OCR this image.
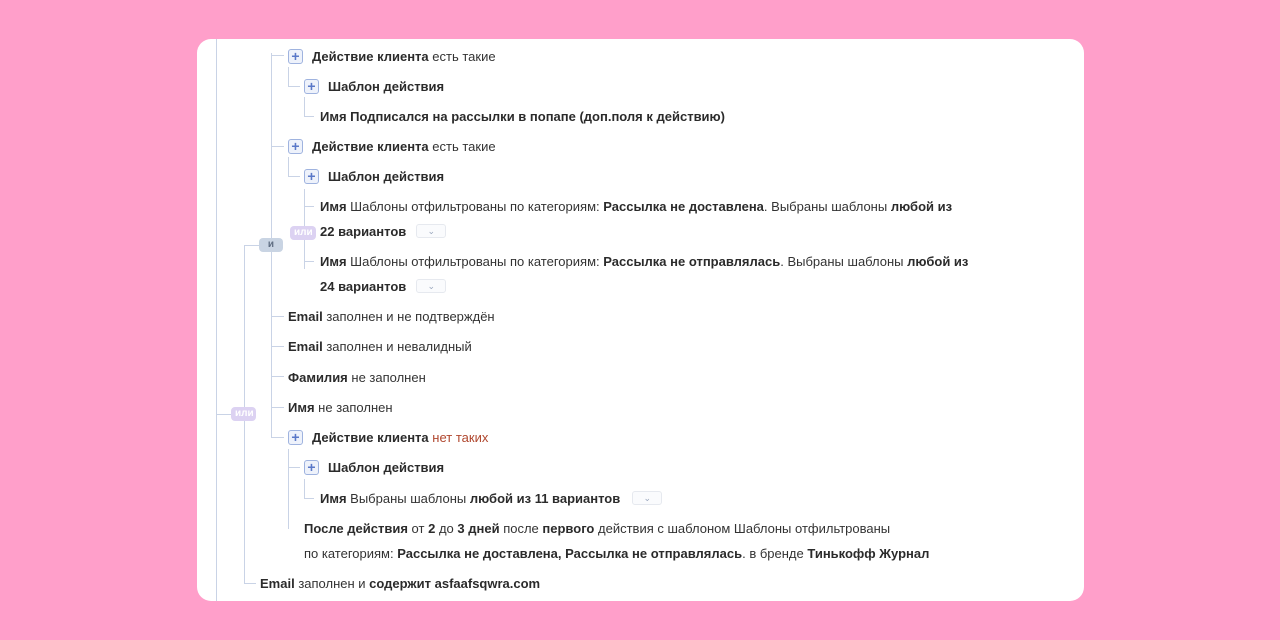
или
и
или
+ Действие клиента
есть такие
+ Шаблон действия
Имя Подписался на рассылки в попапе (доп.поля к действию)
+ Действие клиента
есть такие
+ Шаблон действия
Имя
Шаблоны отфильтрованы по категориям:
Рассылка не доставлена . Выбраны шаблоны
любой из
22 вариантов ⌄
Имя
Шаблоны отфильтрованы по категориям:
Рассылка не отправлялась . Выбраны шаблоны
любой из
24 вариантов ⌄
Email
заполнен и не подтверждён
Email
заполнен и невалидный
Фамилия
не заполнен
Имя
не заполнен
+ Действие клиента
нет таких
+ Шаблон действия
Имя
Выбраны шаблоны
любой из 11 вариантов	⌄
После действия
от
2
до
3 дней
после
первого
действия с шаблоном Шаблоны отфильтрованы
по категориям:
Рассылка не доставлена, Рассылка не отправлялась . в бренде
Тинькофф Журнал
Email
заполнен и
содержит asfaafsqwra.com
